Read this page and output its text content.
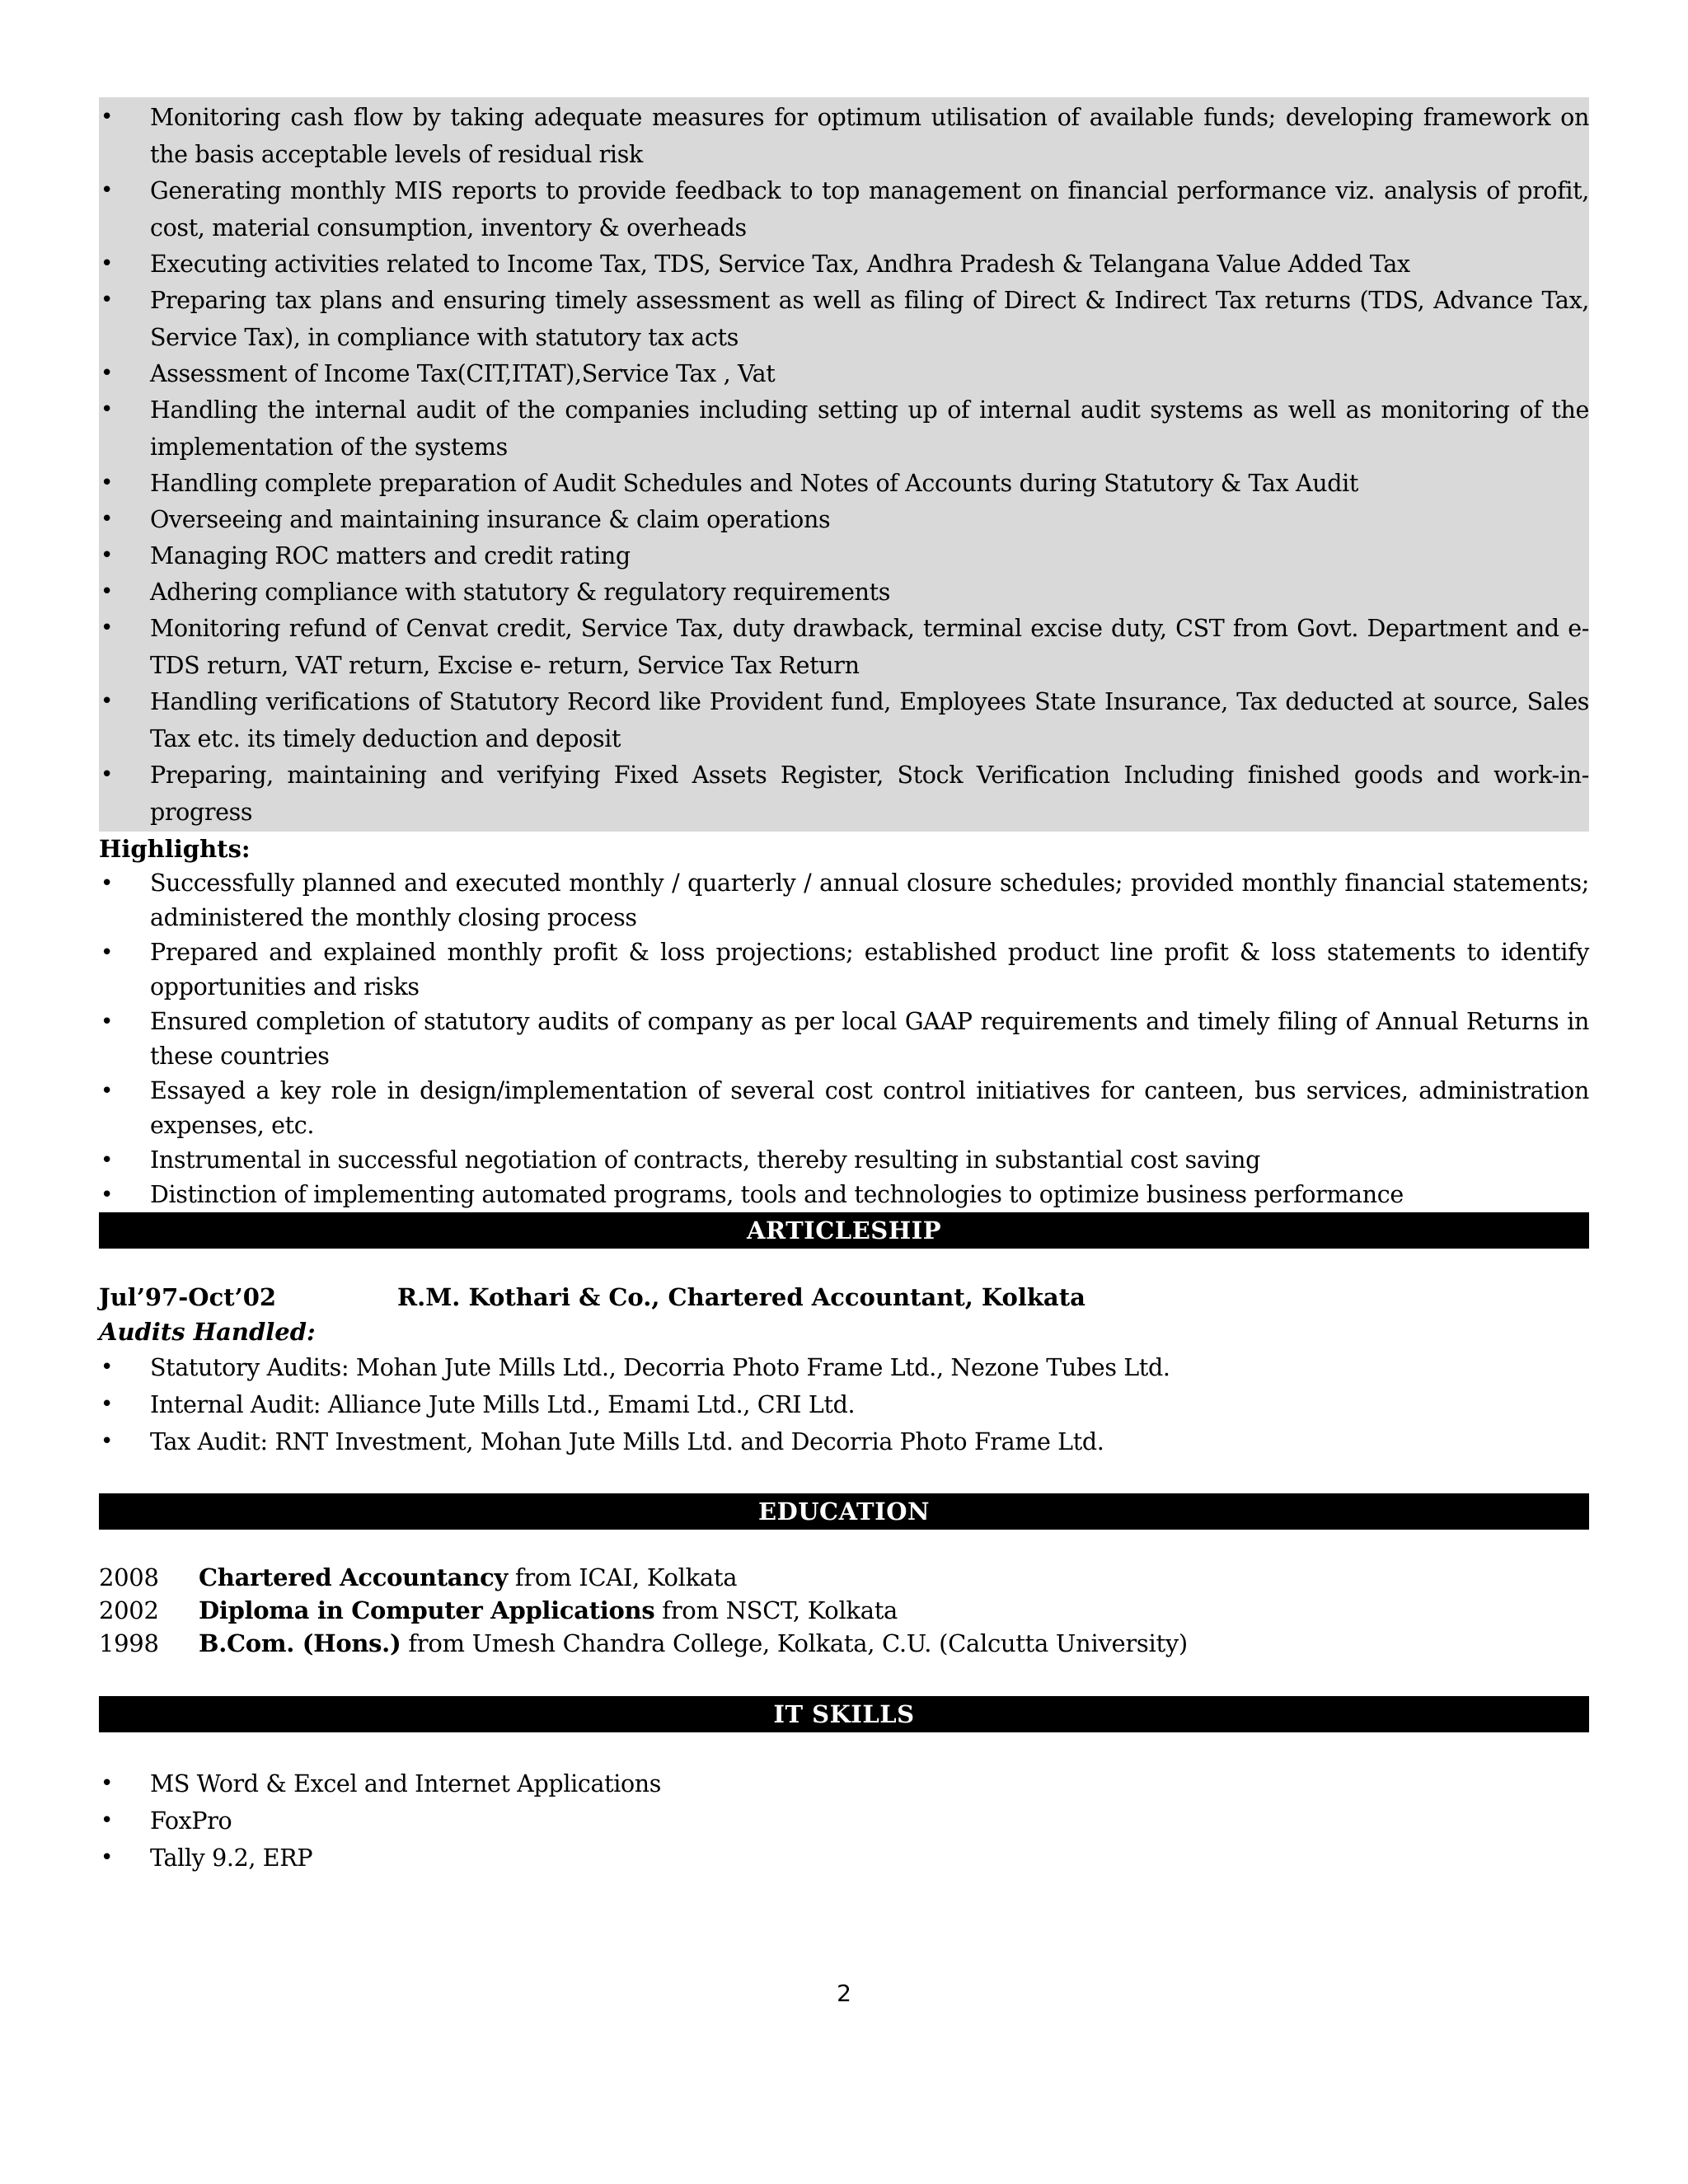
• Monitoring cash flow by taking adequate measures for optimum utilisation of available funds; developing framework on the basis acceptable levels of residual risk
• Generating monthly MIS reports to provide feedback to top management on financial performance viz. analysis of profit, cost, material consumption, inventory & overheads
• Executing activities related to Income Tax, TDS, Service Tax, Andhra Pradesh & Telangana Value Added Tax
• Preparing tax plans and ensuring timely assessment as well as filing of Direct & Indirect Tax returns (TDS, Advance Tax, Service Tax), in compliance with statutory tax acts
• Assessment of Income Tax(CIT,ITAT),Service Tax , Vat
• Handling the internal audit of the companies including setting up of internal audit systems as well as monitoring of the implementation of the systems
• Handling complete preparation of Audit Schedules and Notes of Accounts during Statutory & Tax Audit
• Overseeing and maintaining insurance & claim operations
• Managing ROC matters and credit rating
• Adhering compliance with statutory & regulatory requirements
• Monitoring refund of Cenvat credit, Service Tax, duty drawback, terminal excise duty, CST from Govt. Department and e-TDS return, VAT return, Excise e- return, Service Tax Return
• Handling verifications of Statutory Record like Provident fund, Employees State Insurance, Tax deducted at source, Sales Tax etc. its timely deduction and deposit
• Preparing, maintaining and verifying Fixed Assets Register, Stock Verification Including finished goods and work-in-progress
Highlights:
• Successfully planned and executed monthly / quarterly / annual closure schedules; provided monthly financial statements; administered the monthly closing process
• Prepared and explained monthly profit & loss projections; established product line profit & loss statements to identify opportunities and risks
• Ensured completion of statutory audits of company as per local GAAP requirements and timely filing of Annual Returns in these countries
• Essayed a key role in design/implementation of several cost control initiatives for canteen, bus services, administration expenses, etc.
• Instrumental in successful negotiation of contracts, thereby resulting in substantial cost saving
• Distinction of implementing automated programs, tools and technologies to optimize business performance
ARTICLESHIP
Jul’97-Oct’02	R.M. Kothari & Co., Chartered Accountant, Kolkata
Audits Handled:
• Statutory Audits: Mohan Jute Mills Ltd., Decorria Photo Frame Ltd., Nezone Tubes Ltd.
• Internal Audit: Alliance Jute Mills Ltd., Emami Ltd., CRI Ltd.
• Tax Audit: RNT Investment, Mohan Jute Mills Ltd. and Decorria Photo Frame Ltd.
EDUCATION
2008	Chartered Accountancy from ICAI, Kolkata
2002	Diploma in Computer Applications from NSCT, Kolkata
1998	B.Com. (Hons.) from Umesh Chandra College, Kolkata, C.U. (Calcutta University)
IT SKILLS
• MS Word & Excel and Internet Applications
• FoxPro
• Tally 9.2, ERP
2
